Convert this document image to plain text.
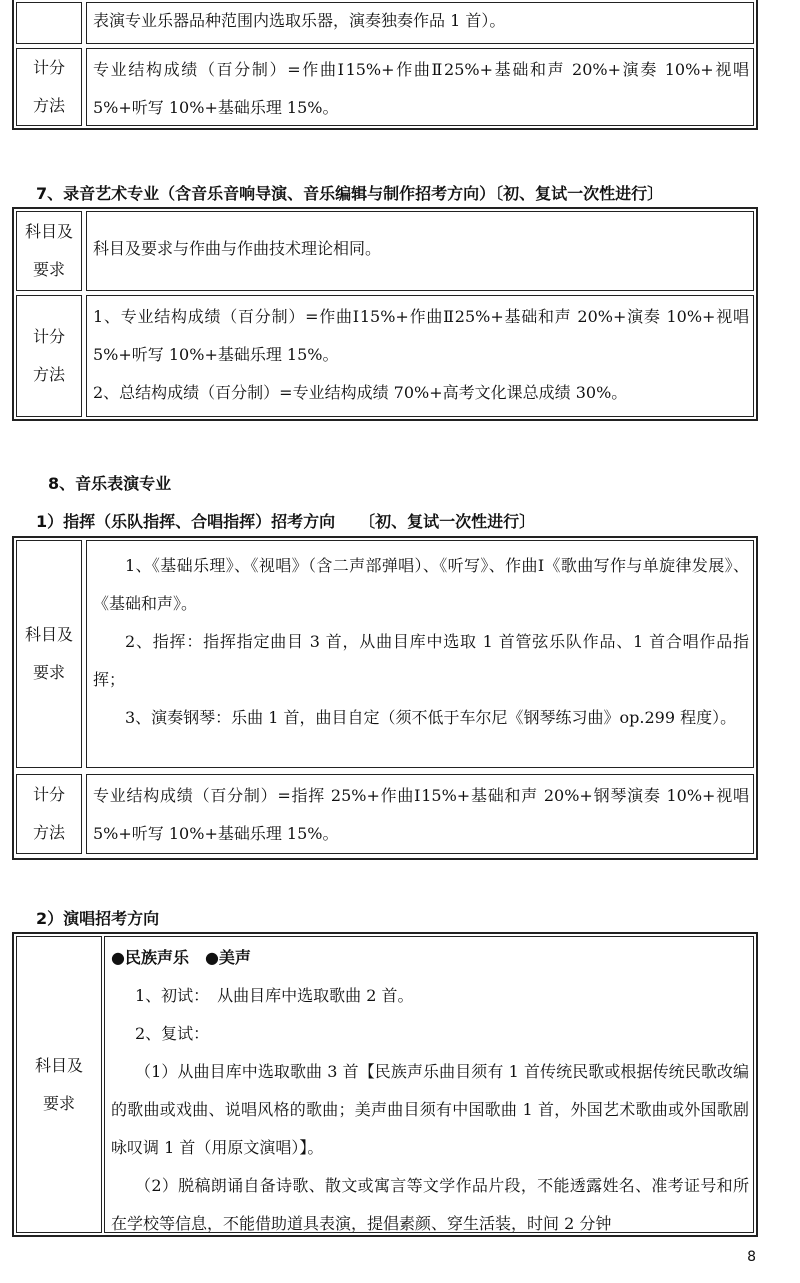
表演专业乐器品种范围内选取乐器，演奏独奏作品 1 首）。
计分
方法
专业结构成绩（百分制）=作曲Ⅰ15%+作曲Ⅱ25%+基础和声 20%+演奏 10%+视唱 5%+听写 10%+基础乐理 15%。
7、录音艺术专业（含音乐音响导演、音乐编辑与制作招考方向）〔初、复试一次性进行〕
科目及
要求
科目及要求与作曲与作曲技术理论相同。
计分
方法

1、专业结构成绩（百分制）=作曲Ⅰ15%+作曲Ⅱ25%+基础和声 20%+演奏 10%+视唱 5%+听写 10%+基础乐理 15%。

2、总结构成绩（百分制）=专业结构成绩 70%+高考文化课总成绩 30%。

8、音乐表演专业
1）指挥（乐队指挥、合唱指挥）招考方向　　〔初、复试一次性进行〕
科目及
要求

1、《基础乐理》、《视唱》（含二声部弹唱）、《听写》、作曲Ⅰ《歌曲写作与单旋律发展》、《基础和声》。

2、指挥：指挥指定曲目 3 首，从曲目库中选取 1 首管弦乐队作品、1 首合唱作品指挥；

3、演奏钢琴：乐曲 1 首，曲目自定（须不低于车尔尼《钢琴练习曲》op.299 程度）。

计分
方法
专业结构成绩（百分制）=指挥 25%+作曲Ⅰ15%+基础和声 20%+钢琴演奏 10%+视唱 5%+听写 10%+基础乐理 15%。
2）演唱招考方向
科目及
要求

●民族声乐　●美声

1、初试：　从曲目库中选取歌曲 2 首。

2、复试：

（1）从曲目库中选取歌曲 3 首【民族声乐曲目须有 1 首传统民歌或根据传统民歌改编的歌曲或戏曲、说唱风格的歌曲；美声曲目须有中国歌曲 1 首，外国艺术歌曲或外国歌剧咏叹调 1 首（用原文演唱）】。

（2）脱稿朗诵自备诗歌、散文或寓言等文学作品片段，不能透露姓名、准考证号和所在学校等信息，不能借助道具表演，提倡素颜、穿生活装，时间 2 分钟

8
